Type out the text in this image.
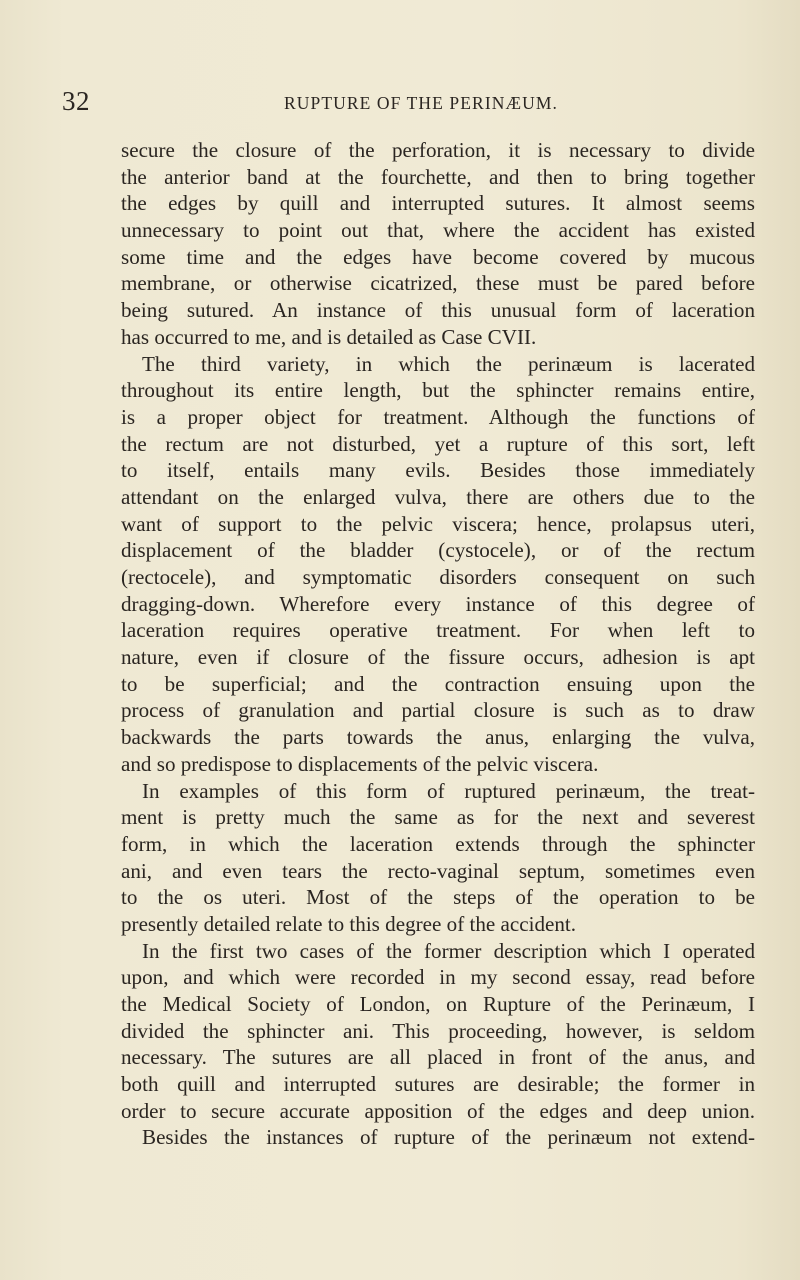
32	RUPTURE OF THE PERINÆUM.
secure the closure of the perforation, it is necessary to divide
the anterior band at the fourchette, and then to bring together
the edges by quill and interrupted sutures. It almost seems
unnecessary to point out that, where the accident has existed
some time and the edges have become covered by mucous
membrane, or otherwise cicatrized, these must be pared before
being sutured. An instance of this unusual form of laceration
has occurred to me, and is detailed as Case CVII.
The third variety, in which the perinæum is lacerated
throughout its entire length, but the sphincter remains entire,
is a proper object for treatment. Although the functions of
the rectum are not disturbed, yet a rupture of this sort, left
to itself, entails many evils. Besides those immediately
attendant on the enlarged vulva, there are others due to the
want of support to the pelvic viscera; hence, prolapsus uteri,
displacement of the bladder (cystocele), or of the rectum
(rectocele), and symptomatic disorders consequent on such
dragging-down. Wherefore every instance of this degree of
laceration requires operative treatment. For when left to
nature, even if closure of the fissure occurs, adhesion is apt
to be superficial; and the contraction ensuing upon the
process of granulation and partial closure is such as to draw
backwards the parts towards the anus, enlarging the vulva,
and so predispose to displacements of the pelvic viscera.
In examples of this form of ruptured perinæum, the treat-
ment is pretty much the same as for the next and severest
form, in which the laceration extends through the sphincter
ani, and even tears the recto-vaginal septum, sometimes even
to the os uteri. Most of the steps of the operation to be
presently detailed relate to this degree of the accident.
In the first two cases of the former description which I operated
upon, and which were recorded in my second essay, read before
the Medical Society of London, on Rupture of the Perinæum, I
divided the sphincter ani. This proceeding, however, is seldom
necessary. The sutures are all placed in front of the anus, and
both quill and interrupted sutures are desirable; the former in
order to secure accurate apposition of the edges and deep union.
Besides the instances of rupture of the perinæum not extend-
